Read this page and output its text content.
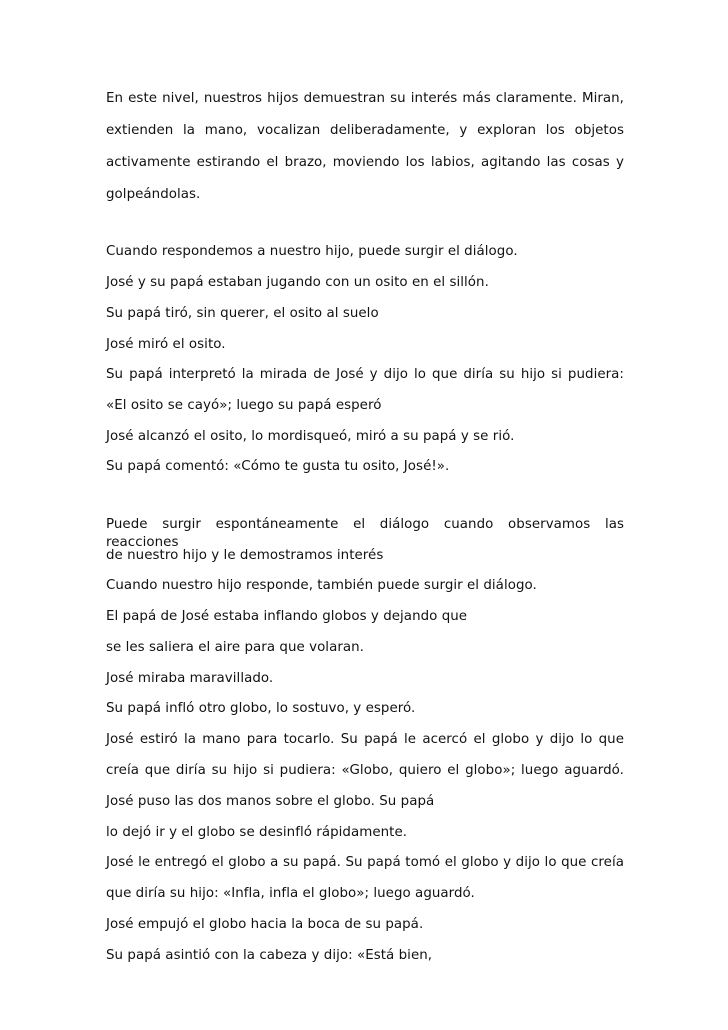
En este nivel, nuestros hijos demuestran su interés más claramente. Miran,
extienden la mano, vocalizan deliberadamente, y exploran los objetos
activamente estirando el brazo, moviendo los labios, agitando las cosas y
golpeándolas.
Cuando respondemos a nuestro hijo, puede surgir el diálogo.
José y su papá estaban jugando con un osito en el sillón.
Su papá tiró, sin querer, el osito al suelo
José miró el osito.
Su papá interpretó la mirada de José y dijo lo que diría su hijo si pudiera:
«El osito se cayó»; luego su papá esperó
José alcanzó el osito, lo mordisqueó, miró a su papá y se rió.
Su papá comentó: «Cómo te gusta tu osito, José!».
Puede surgir espontáneamente el diálogo cuando observamos las reacciones
de nuestro hijo y le demostramos interés
Cuando nuestro hijo responde, también puede surgir el diálogo.
El papá de José estaba inflando globos y dejando que
se les saliera el aire para que volaran.
José miraba maravillado.
Su papá infló otro globo, lo sostuvo, y esperó.
José estiró la mano para tocarlo. Su papá le acercó el globo y dijo lo que
creía que diría su hijo si pudiera: «Globo, quiero el globo»; luego aguardó.
José puso las dos manos sobre el globo. Su papá
lo dejó ir y el globo se desinfló rápidamente.
José le entregó el globo a su papá. Su papá tomó el globo y dijo lo que creía
que diría su hijo: «Infla, infla el globo»; luego aguardó.
José empujó el globo hacia la boca de su papá.
Su papá asintió con la cabeza y dijo: «Está bien,
